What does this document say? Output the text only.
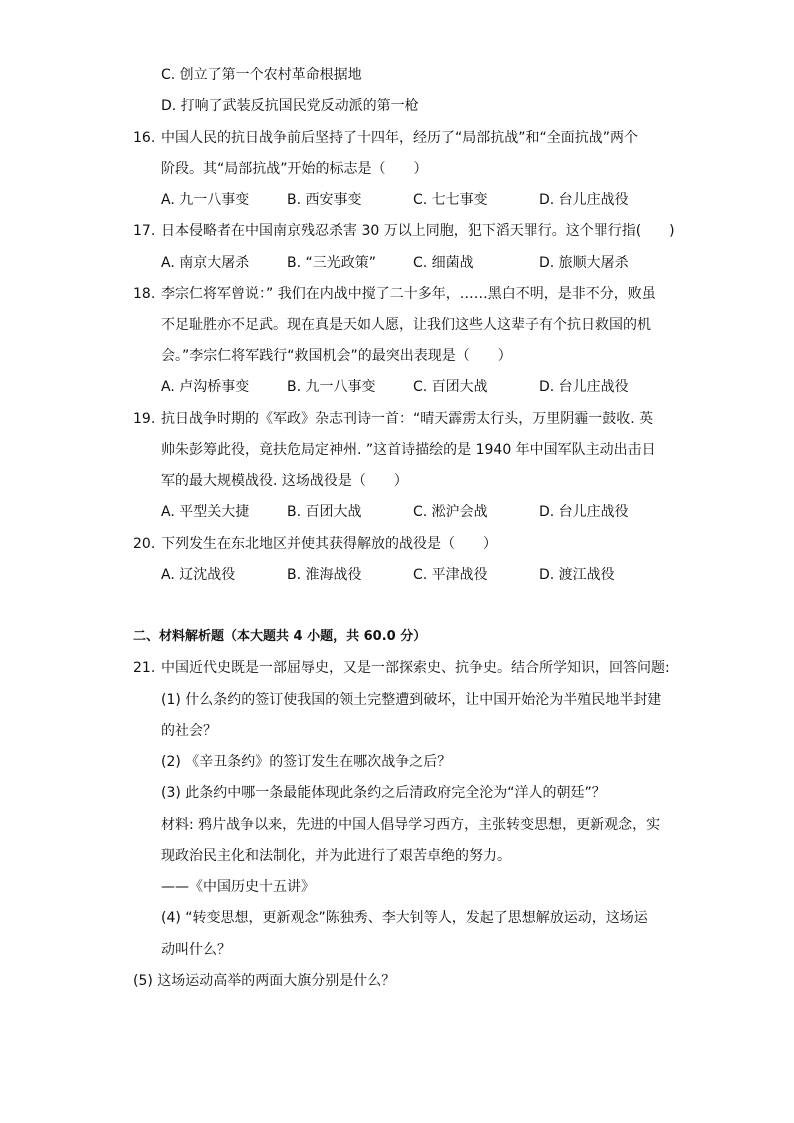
C. 创立了第一个农村革命根据地
D. 打响了武装反抗国民党反动派的第一枪
16. 中国人民的抗日战争前后坚持了十四年，经历了“局部抗战”和“全面抗战”两个
阶段。其“局部抗战”开始的标志是（　　）
A. 九一八事变	B. 西安事变	C. 七七事变	D. 台儿庄战役
17. 日本侵略者在中国南京残忍杀害 30 万以上同胞，犯下滔天罪行。这个罪行指(　　)
A. 南京大屠杀	B. “三光政策”	C. 细菌战	D. 旅顺大屠杀
18. 李宗仁将军曾说：” 我们在内战中搅了二十多年，……黑白不明，是非不分，败虽
不足耻胜亦不足武。现在真是天如人愿，让我们这些人这辈子有个抗日救国的机
会。”李宗仁将军践行“救国机会”的最突出表现是（　　）
A. 卢沟桥事变	B. 九一八事变	C. 百团大战	D. 台儿庄战役
19. 抗日战争时期的《军政》杂志刊诗一首：“晴天霹雳太行头，万里阴霾一鼓收. 英
帅朱彭筹此役，竟扶危局定神州. ”这首诗描绘的是 1940 年中国军队主动出击日
军的最大规模战役. 这场战役是（　　）
A. 平型关大捷	B. 百团大战	C. 淞沪会战	D. 台儿庄战役
20. 下列发生在东北地区并使其获得解放的战役是（　　）
A. 辽沈战役	B. 淮海战役	C. 平津战役	D. 渡江战役
二、材料解析题（本大题共 4 小题，共 60.0 分）
21. 中国近代史既是一部屈辱史，又是一部探索史、抗争史。结合所学知识，回答问题:
(1) 什么条约的签订使我国的领土完整遭到破坏，让中国开始沦为半殖民地半封建
的社会？
(2) 《辛丑条约》的签订发生在哪次战争之后？
(3) 此条约中哪一条最能体现此条约之后清政府完全沦为“洋人的朝廷”？
材料: 鸦片战争以来，先进的中国人倡导学习西方，主张转变思想，更新观念，实
现政治民主化和法制化，并为此进行了艰苦卓绝的努力。
——《中国历史十五讲》
(4) “转变思想，更新观念”陈独秀、李大钊等人，发起了思想解放运动，这场运
动叫什么？
(5) 这场运动高举的两面大旗分别是什么？
